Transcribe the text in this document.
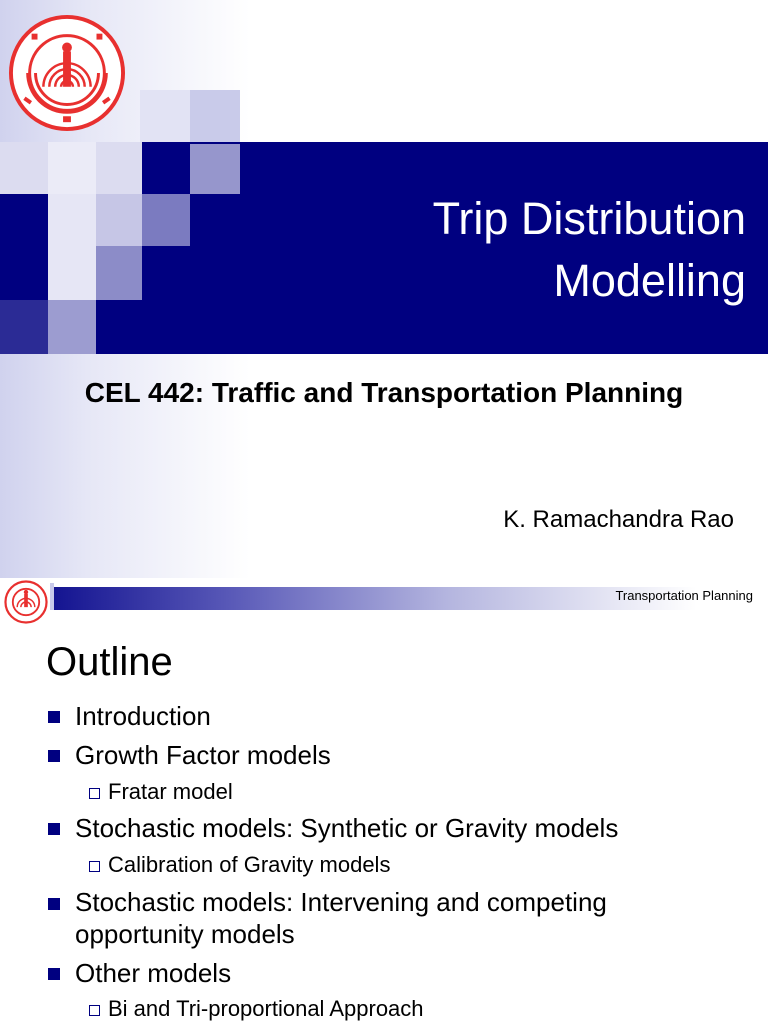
Trip Distribution
Modelling
CEL 442: Traffic and Transportation Planning
K. Ramachandra Rao
Transportation Planning
Outline
Introduction
Growth Factor models
Fratar model
Stochastic models: Synthetic or Gravity models
Calibration of Gravity models
Stochastic models: Intervening and competing opportunity models
Other models
Bi and Tri-proportional Approach
